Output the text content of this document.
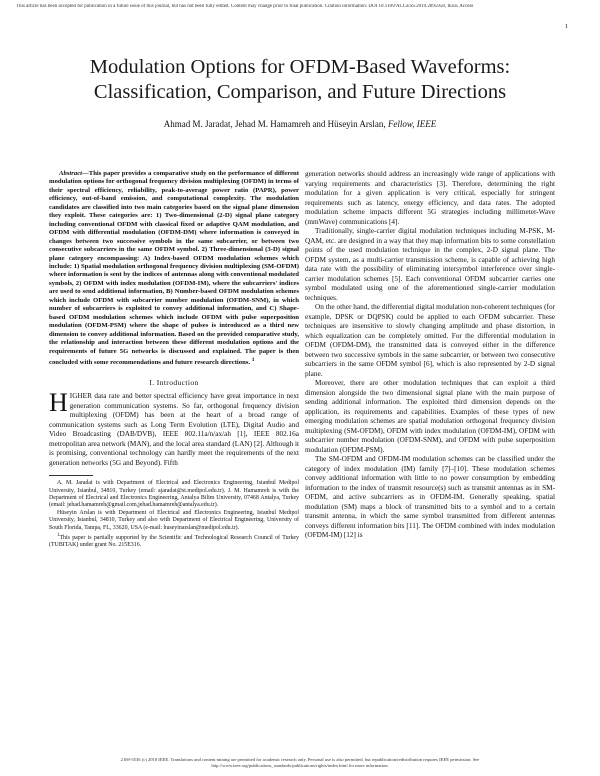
This article has been accepted for publication in a future issue of this journal, but has not been fully edited. Content may change prior to final publication. Citation information: DOI 10.1109/ACCESS.2019.2895958, IEEE Access
1
Modulation Options for OFDM-Based Waveforms:
Classification, Comparison, and Future Directions
Ahmad M. Jaradat, Jehad M. Hamamreh and Hüseyin Arslan, Fellow, IEEE

Abstract—This paper provides a comparative study on the performance of different modulation options for orthogonal frequency division multiplexing (OFDM) in terms of their spectral efficiency, reliability, peak-to-average power ratio (PAPR), power efficiency, out-of-band emission, and computational complexity. The modulation candidates are classified into two main categories based on the signal plane dimension they exploit. These categories are: 1) Two-dimensional (2-D) signal plane category including conventional OFDM with classical fixed or adaptive QAM modulation, and OFDM with differential modulation (OFDM-DM) where information is conveyed in changes between two successive symbols in the same subcarrier, or between two consecutive subcarriers in the same OFDM symbol. 2) Three-dimensional (3-D) signal plane category encompassing: A) Index-based OFDM modulation schemes which include: 1) Spatial modulation orthogonal frequency division multiplexing (SM-OFDM) where information is sent by the indices of antennas along with conventional modulated symbols, 2) OFDM with index modulation (OFDM-IM), where the subcarriers' indices are used to send additional information, B) Number-based OFDM modulation schemes which include OFDM with subcarrier number modulation (OFDM-SNM), in which number of subcarriers is exploited to convey additional information, and C) Shape-based OFDM modulation schemes which include OFDM with pulse superposition modulation (OFDM-PSM) where the shape of pulses is introduced as a third new dimension to convey additional information. Based on the provided comparative study, the relationship and interaction between these different modulation options and the requirements of future 5G networks is discussed and explained. The paper is then concluded with some recommendations and future research directions. $^1$

I. Introduction

HIGHER data rate and better spectral efficiency have great importance in next generation communication systems. So far, orthogonal frequency division multiplexing (OFDM) has been at the heart of a broad range of communication systems such as Long Term Evolution (LTE), Digital Audio and Video Broadcasting (DAB/DVB), IEEE 802.11a/n/ax/ah [1], IEEE 802.16a metropolitan area network (MAN), and the local area standard (LAN) [2]. Although it is promising, conventional technology can hardly meet the requirements of the next generation networks (5G and Beyond). Fifth

A. M. Jaradat is with Department of Electrical and Electronics Engineering, Istanbul Medipol University, Istanbul, 34810, Turkey (email: ajaradat@st.medipol.edu.tr). J. M. Hamamreh is with the Department of Electrical and Electronics Engineering, Antalya Bilim University, 07468 Antalya, Turkey (email: jehad.hamamreh@gmail.com,jehad.hamamreh@antalya.edu.tr).

Hüseyin Arslan is with Department of Electrical and Electronics Engineering, Istanbul Medipol University, Istanbul, 34810, Turkey and also with Department of Electrical Engineering, University of South Florida, Tampa, FL, 33620, USA (e-mail: huseyinarslan@medipol.edu.tr).

$^1$This paper is partially supported by the Scientific and Technological Research Council of Turkey (TUBITAK) under grant No. 215E316.

generation networks should address an increasingly wide range of applications with varying requirements and characteristics [3]. Therefore, determining the right modulation for a given application is very critical, especially for stringent requirements such as latency, energy efficiency, and data rates. The adopted modulation scheme impacts different 5G strategies including millimeter-Wave (mmWave) communications [4].

Traditionally, single-carrier digital modulation techniques including M-PSK, M-QAM, etc. are designed in a way that they map information bits to some constellation points of the used modulation technique in the complex, 2-D signal plane. The OFDM system, as a multi-carrier transmission scheme, is capable of achieving high data rate with the possibility of eliminating intersymbol interference over single-carrier modulation schemes [5]. Each conventional OFDM subcarrier carries one symbol modulated using one of the aforementioned single-carrier modulation techniques.

On the other hand, the differential digital modulation non-coherent techniques (for example, DPSK or DQPSK) could be applied to each OFDM subcarrier. These techniques are insensitive to slowly changing amplitude and phase distortion, in which equalization can be completely omitted. For the differential modulation in OFDM (OFDM-DM), the transmitted data is conveyed either in the difference between two successive symbols in the same subcarrier, or between two consecutive subcarriers in the same OFDM symbol [6], which is also represented by 2-D signal plane.

Moreover, there are other modulation techniques that can exploit a third dimension alongside the two dimensional signal plane with the main purpose of sending additional information. The exploited third dimension depends on the application, its requirements and capabilities. Examples of these types of new emerging modulation schemes are spatial modulation orthogonal frequency division multiplexing (SM-OFDM), OFDM with index modulation (OFDM-IM), OFDM with subcarrier number modulation (OFDM-SNM), and OFDM with pulse superposition modulation (OFDM-PSM).

The SM-OFDM and OFDM-IM modulation schemes can be classified under the category of index modulation (IM) family [7]–[10]. These modulation schemes convey additional information with little to no power consumption by embedding information to the index of transmit resource(s) such as transmit antennas as in SM-OFDM, and active subcarriers as in OFDM-IM. Generally speaking, spatial modulation (SM) maps a block of transmitted bits to a symbol and to a certain transmit antenna, in which the same symbol transmitted from different antennas conveys different information bits [11]. The OFDM combined with index modulation (OFDM-IM) [12] is

2169-3536 (c) 2018 IEEE. Translations and content mining are permitted for academic research only. Personal use is also permitted, but republication/redistribution requires IEEE permission. See
http://www.ieee.org/publications_standards/publications/rights/index.html for more information.
